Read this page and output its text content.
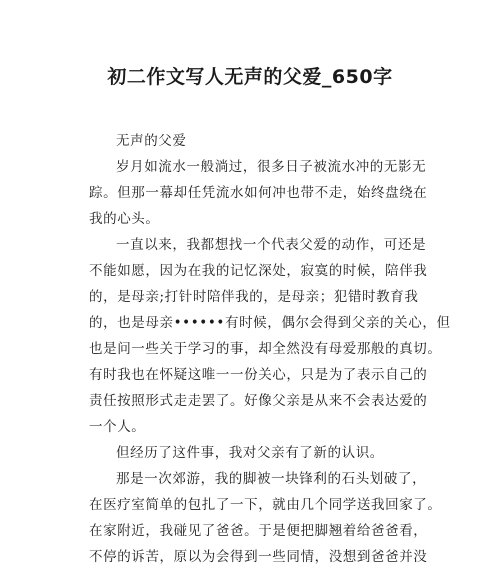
初二作文写人无声的父爱_650字
无声的父爱
岁月如流水一般淌过，很多日子被流水冲的无影无
踪。但那一幕却任凭流水如何冲也带不走，始终盘绕在
我的心头。
一直以来，我都想找一个代表父爱的动作，可还是
不能如愿，因为在我的记忆深处，寂寞的时候，陪伴我
的，是母亲;打针时陪伴我的，是母亲；犯错时教育我
的，也是母亲••••••有时候，偶尔会得到父亲的关心，但
也是问一些关于学习的事，却全然没有母爱那般的真切。
有时我也在怀疑这唯一一份关心，只是为了表示自己的
责任按照形式走走罢了。好像父亲是从来不会表达爱的
一个人。
但经历了这件事，我对父亲有了新的认识。
那是一次郊游，我的脚被一块锋利的石头划破了，
在医疗室简单的包扎了一下，就由几个同学送我回家了。
在家附近，我碰见了爸爸。于是便把脚翘着给爸爸看，
不停的诉苦，原以为会得到一些同情，没想到爸爸并没
